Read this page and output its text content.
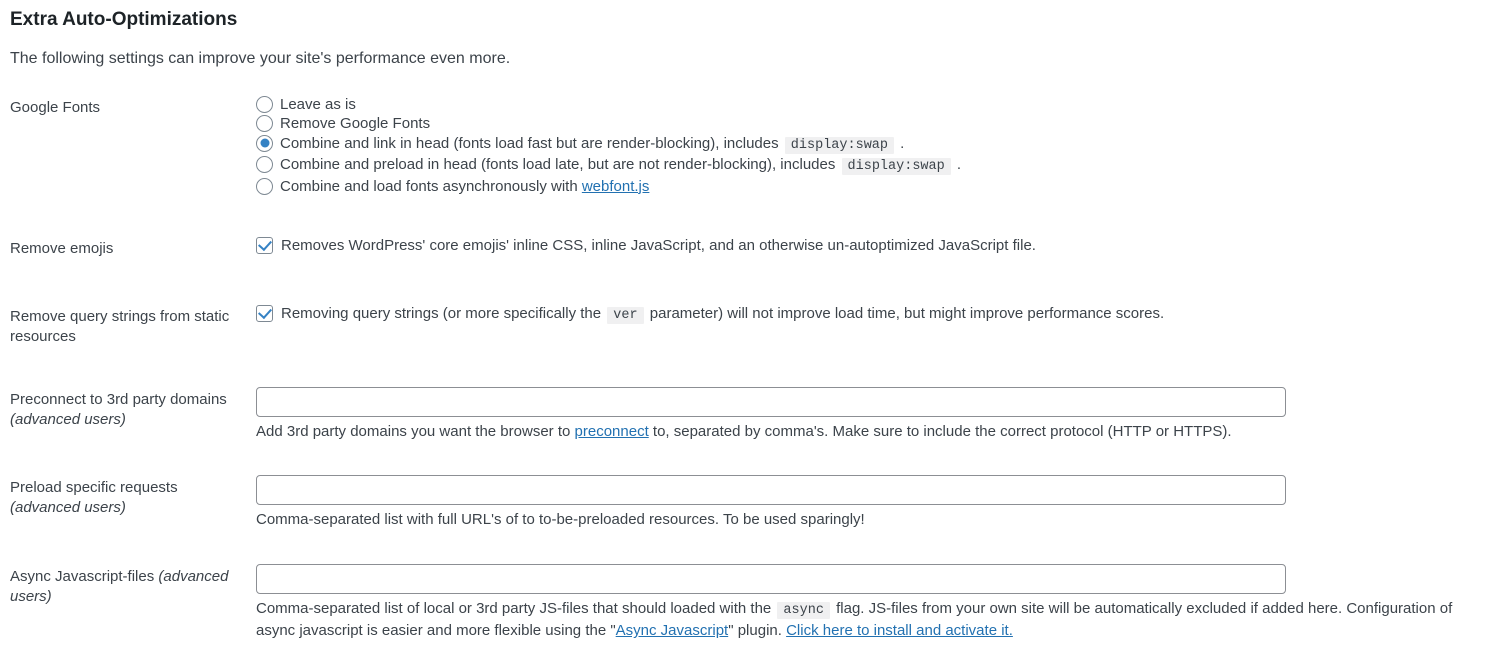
Extra Auto-Optimizations

The following settings can improve your site's performance even more.

Google Fonts	Leave as is
Remove Google Fonts
Combine and link in head (fonts load fast but are render-blocking), includes display:swap .
Combine and preload in head (fonts load late, but are not render-blocking), includes display:swap .
Combine and load fonts asynchronously with webfont.js
Remove emojis	Removes WordPress' core emojis' inline CSS, inline JavaScript, and an otherwise un-autoptimized JavaScript file.
Remove query strings from static resources
Removing query strings (or more specifically the ver parameter) will not improve load time, but might improve performance scores.
Preconnect to 3rd party domains (advanced users)
Add 3rd party domains you want the browser to preconnect to, separated by comma's. Make sure to include the correct protocol (HTTP or HTTPS).
Preload specific requests (advanced users)
Comma-separated list with full URL's of to to-be-preloaded resources. To be used sparingly!
Async Javascript-files (advanced users)
Comma-separated list of local or 3rd party JS-files that should loaded with the async flag. JS-files from your own site will be automatically excluded if added here. Configuration of async javascript is easier and more flexible using the "Async Javascript" plugin. Click here to install and activate it.
